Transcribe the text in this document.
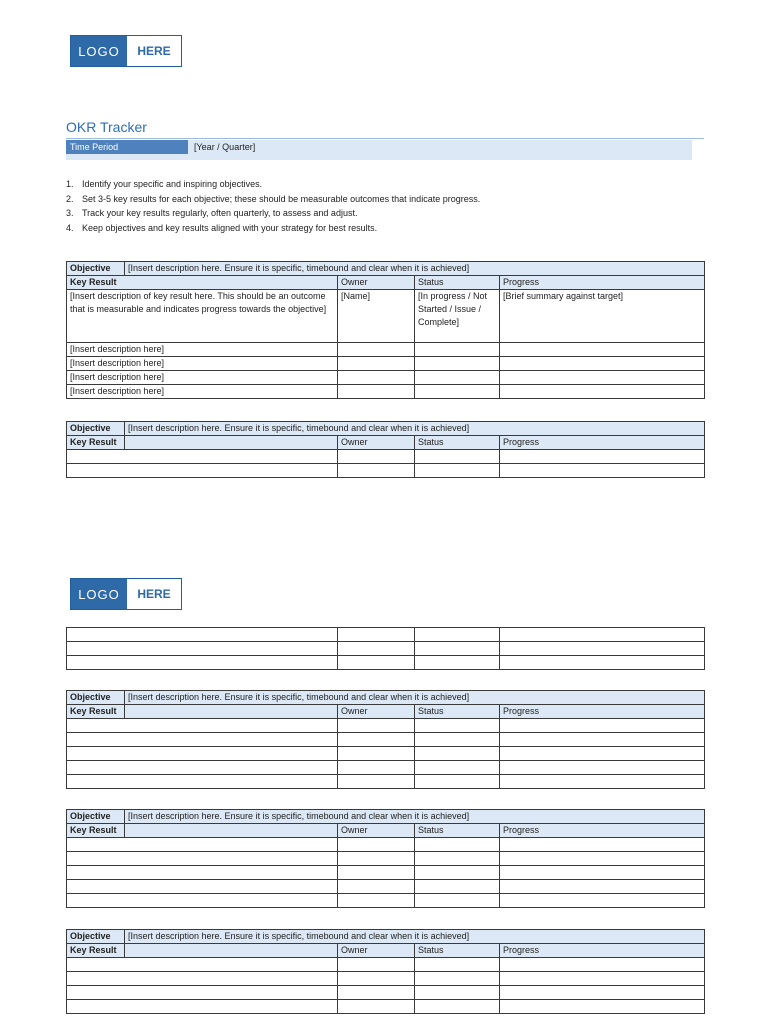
LOGO	HERE
OKR Tracker
Time Period	[Year / Quarter]
1. Identify your specific and inspiring objectives.
2. Set 3-5 key results for each objective; these should be measurable outcomes that indicate progress.
3. Track your key results regularly, often quarterly, to assess and adjust.
4. Keep objectives and key results aligned with your strategy for best results.
Objective	[Insert description here. Ensure it is specific, timebound and clear when it is achieved]			
Key Result		Owner	Status	Progress
[Insert description of key result here. This should be an outcome that is measurable and indicates progress towards the objective]		[Name]	[In progress / Not Started / Issue / Complete]	[Brief summary against target]
[Insert description here]				
[Insert description here]				
[Insert description here]				
[Insert description here]				
Objective	[Insert description here. Ensure it is specific, timebound and clear when it is achieved]			
Key Result		Owner	Status	Progress

LOGO	HERE

Objective	[Insert description here. Ensure it is specific, timebound and clear when it is achieved]			
Key Result		Owner	Status	Progress

Objective	[Insert description here. Ensure it is specific, timebound and clear when it is achieved]			
Key Result		Owner	Status	Progress

Objective	[Insert description here. Ensure it is specific, timebound and clear when it is achieved]			
Key Result		Owner	Status	Progress
